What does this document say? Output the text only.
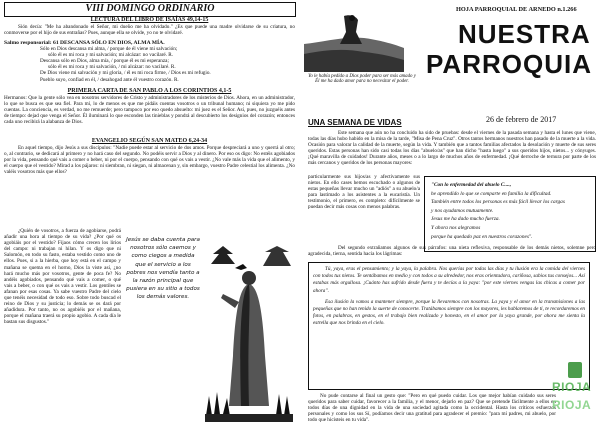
VIII DOMINGO ORDINARIO
LECTURA DEL LIBRO DE ISAÍAS 49,14-15

Sión decía: "Me ha abandonado el Señor, mi dueño me ha olvidado." ¿Es que puede una madre olvidarse de su criatura, no conmoverse por el hijo de sus entrañas? Pues, aunque ella se olvide, yo no te olvidaré.

Salmo responsorial: 61 DESCANSA SÓLO EN DIOS, ALMA MÍA.

Sólo en Dios descansa mi alma, / porque de él viene mi salvación;

sólo él es mi roca y mi salvación; mi alcázar: no vacilaré. R.

Descansa sólo en Dios, alma mía, / porque él es mi esperanza;

sólo él es mi roca y mi salvación, / mi alcázar: no vacilaré. R.

De Dios viene mi salvación y mi gloria, / él es mi roca firme, / Dios es mi refugio.

Pueblo suyo, confiad en él, / desahogad ante él vuestro corazón. R.

PRIMERA CARTA DE SAN PABLO A LOS CORINTIOS 4,1-5

Hermanos: Que la gente sólo vea en nosotros servidores de Cristo y administradores de los misterios de Dios. Ahora, en un administrador, lo que se busca es que sea fiel. Para mí, lo de menos es que me pidáis cuentas vosotros o un tribunal humano; ni siquiera yo me pido cuentas. La conciencia, es verdad, no me remuerde; pero tampoco por eso quedo absuelto: mi juez es el Señor. Así, pues, no juzguéis antes de tiempo: dejad que venga el Señor. Él iluminará lo que esconden las tinieblas y pondrá al descubierto los designios del corazón; entonces cada uno recibirá la alabanza de Dios.

EVANGELIO SEGÚN SAN MATEO 6,24-34

En aquel tiempo, dijo Jesús a sus discípulos: "Nadie puede estar al servicio de dos amos. Porque despreciará a uno y querrá al otro; o, al contrario, se dedicará al primero y no hará caso del segundo. No podéis servir a Dios y al dinero. Por eso os digo: No estéis agobiados por la vida, pensando qué vais a comer o beber, ni por el cuerpo, pensando con qué os vais a vestir. ¿No vale más la vida que el alimento, y el cuerpo que el vestido? Mirad a los pájaros: ni siembran, ni siegan, ni almacenan y, sin embargo, vuestro Padre celestial los alimenta. ¿No valéis vosotros más que ellos?

¿Quién de vosotros, a fuerza de agobiarse, podrá añadir una hora al tiempo de su vida? ¿Por qué os agobiáis por el vestido? Fijaos cómo crecen los lirios del campo: ni trabajan ni hilan. Y os digo que ni Salomón, en todo su fasto, estaba vestido como uno de ellos. Pues, si a la hierba, que hoy está en el campo y mañana se quema en el horno, Dios la viste así, ¿no hará mucho más por vosotros, gente de poca fe? No andéis agobiados, pensando qué vais a comer, o qué vais a beber, o con qué os vais a vestir. Los gentiles se afanan por esas cosas. Ya sabe vuestro Padre del cielo que tenéis necesidad de todo eso. Sobre todo buscad el reino de Dios y su justicia; lo demás se os dará por añadidura. Por tanto, no os agobiéis por el mañana, porque el mañana traerá su propio agobio. A cada día le bastan sus disgustos."

Jesús se daba cuenta para nosotros sólo caemos y como ciegos a medida que el servicio a los pobres nos vendía tanto a la razón principal que pusiera en su sitio a todos los demás valores.
Yo le había pedido a Dios poder para ser más amado y Él me ha dado amor para no necesitar el poder.
HOJA PARROQUIAL DE ARNEDO n.1.266
NUESTRA
PARROQUIA
26 de febrero de 2017
UNA SEMANA DE VIDAS

Este semana que aún no ha concluido ha sido de pruebas: desde el viernes de la pasada semana y hasta el lunes que viene, todas las días hubo habido en la misa de la tarde, "Misa de Pena Cruz". Otros tantos hermanos nuestros han pasado de la muerte a la vida. Ocasión para valorar la calidad de la muerte, según la vida. Y también que a tantos familias afectados la desolación y muerte de sus seres queridos. Estas personas han sido casi todas los días "abuelo/as" que han dicho "hasta luego" a sus queridos hijos, nietos... y cónyuges. ¡Qué maravilla de cuidados! Durante años, meses o a lo largo de muchos años de enfermedad. ¡Qué derroche de ternura por parte de los más cercanos y queridos de los personas mayores:

particularmente sus hijos/as y afectivamente sus nietos. En ello cases hemos escuchado o algunos de estas pequeñas llevar mucho un "adiós" a su abuelo/a para lastimado a los asistentes a la eucaristía. Un testimonio, el primero, es completo: difícilmente se puedan decir más cosas con menos palabras.

"Con lo enfermedad del abuelo C....,
he aprendido lo que se comparte en familia la dificultad.
También entre todos los personas es más fácil llevar los cargas
y nos ayudamos mutuamente.
Jesus me ha dado mucho fuerza.
Y ahora nos alegramos
porque ha quedado paz en nuestros corazones".

Del segundo extrañamos algunos de sus párrafos: una nieta reflexiva, responsable de los demás nietos, solemne pero agradecida, tierna, sentida hacia los lágrimas:

Tú, yaya, eras el pensamiento; y la yaya, la palabra. Nos querías por todas las días y tu ilusión era la comida del viernes con todos tus nietos. Te sentábamos en medio y con todos a su alrededor, nos eras orientadora, cariñosa, sabios tus consejos... Así estabas más orgullosa. ¡Cuánto has sufrido desde fuera y te decías a la yaya: "por este viernes vengas las chicas a comer por ahora".

Esa ilusión la vamos a mantener siempre, porque la llevaremos con nosotras. La yaya y el amor en la transmisiones a las pequeñas que no han tenido la suerte de conocerte. Tratábamos siempre con los mayores, les hablaremos de ti, te recordaremos en fotos, en palabras, en gestos, en el trabajo bien realizado y honesto, en el amor por la yaya grande, por ahora me sienta la estrella que nos brinda en el cielo.

No pude contarse al final un gesto que: "Pero en qué puedo cuidar. Los que mejor habían cuidado sus seres queridos para saber cuidar, favorecer a la familia, y el menor, dejarlo en paz? Que se pretende fácilmente a ellos en todos días de una dignidad en la vida de una sociedad agitada como la occidental. Hasta los críticos esfuerzos personales y como los sus Sí, podíamos decir una gratitud para agradecer el premio: "para mí padres, mi abuelo, por todo que hicisteis en tu vida".

RIOJA
RIOJA
